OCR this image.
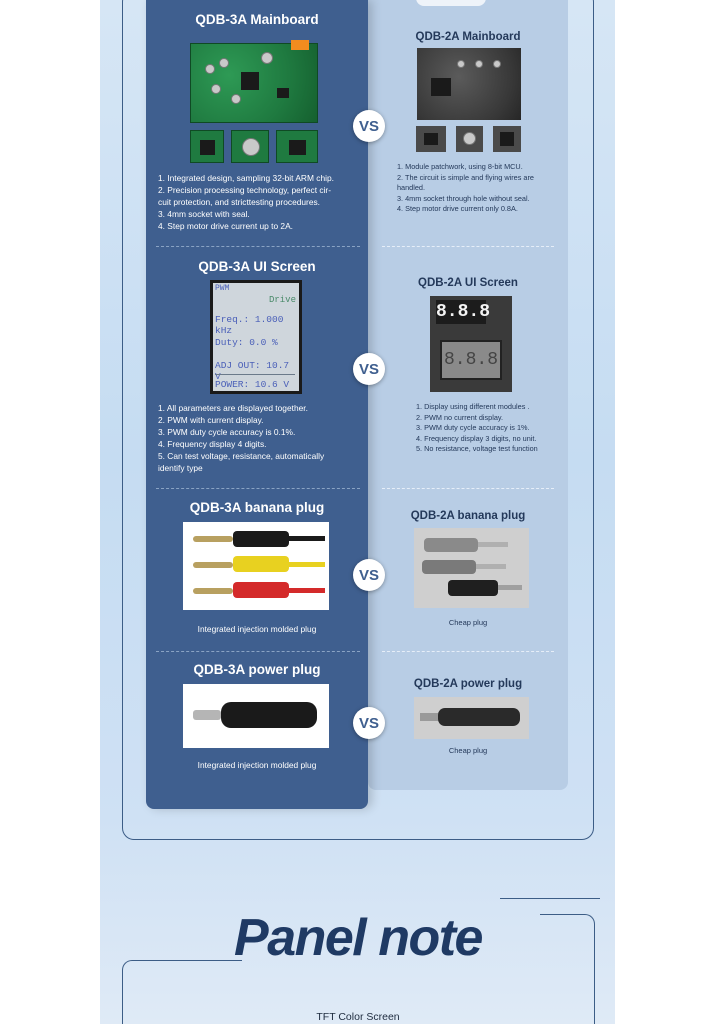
QDB-3A Mainboard
QDB-2A Mainboard
VS
1. Integrated design, sampling 32-bit ARM chip.
2. Precision processing technology, perfect cir-
cuit protection, and stricttesting procedures.
3. 4mm socket with seal.
4. Step motor drive current up to 2A.
1. Module patchwork, using 8-bit MCU.
2. The circuit is simple and flying wires are
handled.
3. 4mm socket through hole without seal.
4. Step motor drive current only 0.8A.
QDB-3A UI Screen
QDB-2A UI Screen
PWM
Drive
Freq.: 1.000 kHz
Duty: 0.0 %
ADJ OUT: 10.7 V
POWER: 10.6 V
8.8.8
8.8.8
VS
1. All parameters are displayed together.
2. PWM with current display.
3. PWM duty cycle accuracy is 0.1%.
4. Frequency display 4 digits.
5. Can test voltage, resistance, automatically
identify type
1. Display using different modules .
2. PWM no current display.
3. PWM duty cycle accuracy is 1%.
4. Frequency display 3 digits, no unit.
5. No resistance, voltage test function
QDB-3A banana plug
QDB-2A banana plug
VS
Integrated injection molded plug
Cheap plug
QDB-3A power plug
QDB-2A power plug
VS
Integrated injection molded plug
Cheap plug
Panel note
TFT Color Screen
